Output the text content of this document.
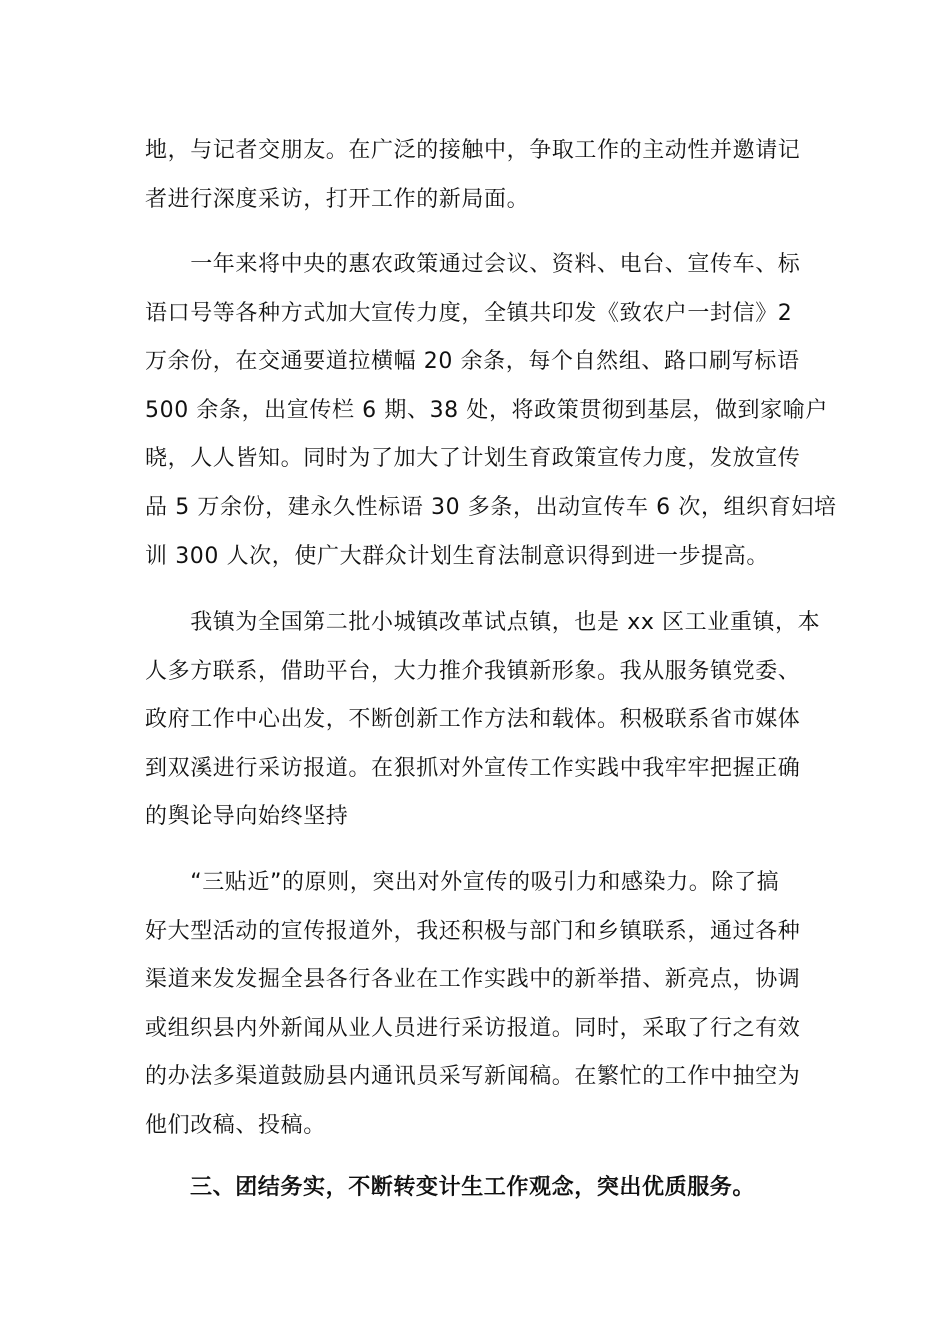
地，与记者交朋友。在广泛的接触中，争取工作的主动性并邀请记
者进行深度采访，打开工作的新局面。
　　一年来将中央的惠农政策通过会议、资料、电台、宣传车、标
语口号等各种方式加大宣传力度，全镇共印发《致农户一封信》2
万余份，在交通要道拉横幅 20 余条，每个自然组、路口刷写标语
500 余条，出宣传栏 6 期、38 处，将政策贯彻到基层，做到家喻户
晓，人人皆知。同时为了加大了计划生育政策宣传力度，发放宣传
品 5 万余份，建永久性标语 30 多条，出动宣传车 6 次，组织育妇培
训 300 人次，使广大群众计划生育法制意识得到进一步提高。
　　我镇为全国第二批小城镇改革试点镇，也是 xx 区工业重镇，本
人多方联系，借助平台，大力推介我镇新形象。我从服务镇党委、
政府工作中心出发，不断创新工作方法和载体。积极联系省市媒体
到双溪进行采访报道。在狠抓对外宣传工作实践中我牢牢把握正确
的舆论导向始终坚持
　　“三贴近”的原则，突出对外宣传的吸引力和感染力。除了搞
好大型活动的宣传报道外，我还积极与部门和乡镇联系，通过各种
渠道来发发掘全县各行各业在工作实践中的新举措、新亮点，协调
或组织县内外新闻从业人员进行采访报道。同时，采取了行之有效
的办法多渠道鼓励县内通讯员采写新闻稿。在繁忙的工作中抽空为
他们改稿、投稿。
三、团结务实，不断转变计生工作观念，突出优质服务。
